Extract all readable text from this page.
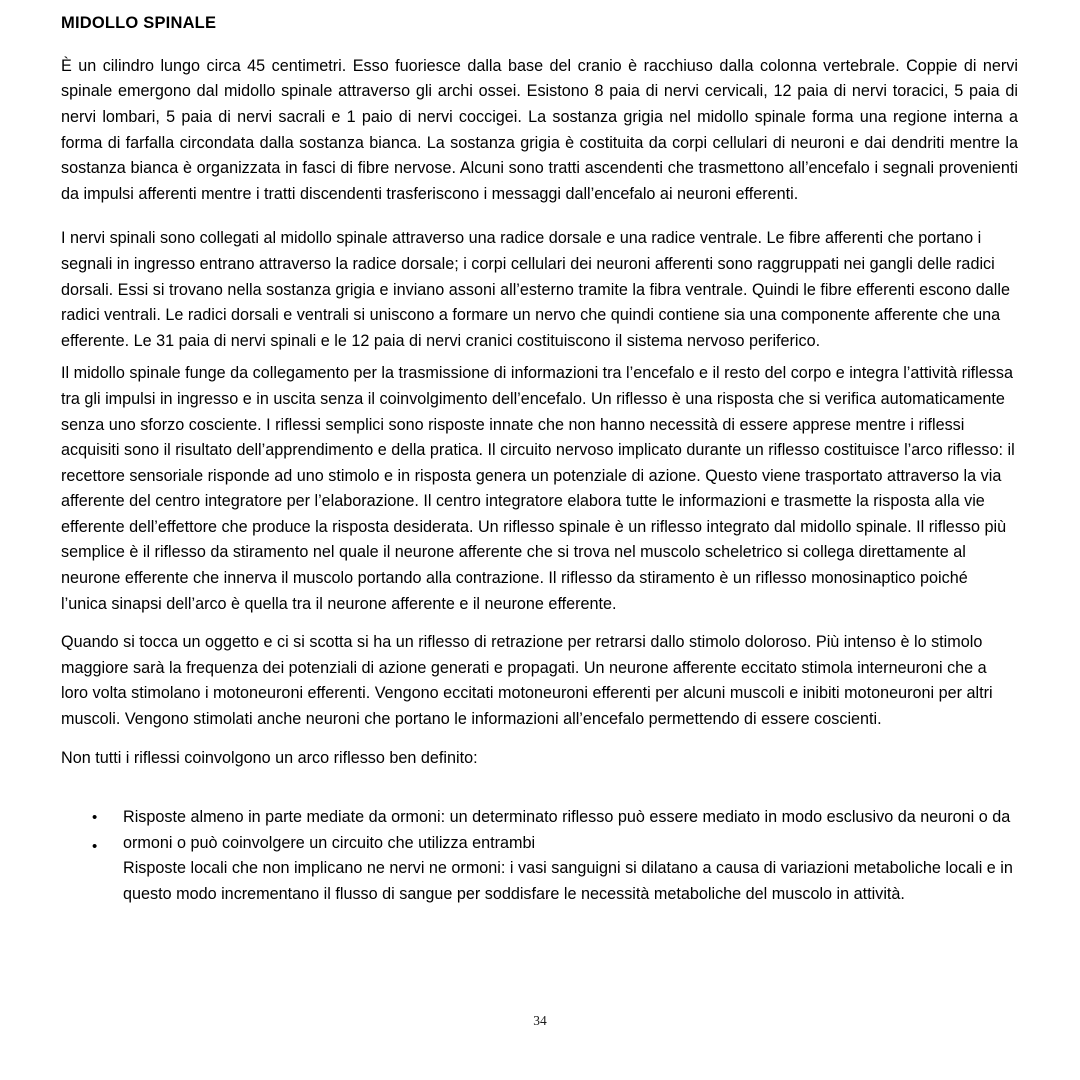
MIDOLLO SPINALE

È un cilindro lungo circa 45 centimetri. Esso fuoriesce dalla base del cranio è racchiuso dalla colonna vertebrale. Coppie di nervi spinale emergono dal midollo spinale attraverso gli archi ossei. Esistono 8 paia di nervi cervicali, 12 paia di nervi toracici, 5 paia di nervi lombari, 5 paia di nervi sacrali e 1 paio di nervi coccigei. La sostanza grigia nel midollo spinale forma una regione interna a forma di farfalla circondata dalla sostanza bianca. La sostanza grigia è costituita da corpi cellulari di neuroni e dai dendriti mentre la sostanza bianca è organizzata in fasci di fibre nervose. Alcuni sono tratti ascendenti che trasmettono all’encefalo i segnali provenienti da impulsi afferenti mentre i tratti discendenti trasferiscono i messaggi dall’encefalo ai neuroni efferenti.

I nervi spinali sono collegati al midollo spinale attraverso una radice dorsale e una radice ventrale. Le fibre afferenti che portano i segnali in ingresso entrano attraverso la radice dorsale; i corpi cellulari dei neuroni afferenti sono raggruppati nei gangli delle radici dorsali. Essi si trovano nella sostanza grigia e inviano assoni all’esterno tramite la fibra ventrale. Quindi le fibre efferenti escono dalle radici ventrali. Le radici dorsali e ventrali si uniscono a formare un nervo che quindi contiene sia una componente afferente che una efferente. Le 31 paia di nervi spinali e le 12 paia di nervi cranici costituiscono il sistema nervoso periferico.

Il midollo spinale funge da collegamento per la trasmissione di informazioni tra l’encefalo e il resto del corpo e integra l’attività riflessa tra gli impulsi in ingresso e in uscita senza il coinvolgimento dell’encefalo. Un riflesso è una risposta che si verifica automaticamente senza uno sforzo cosciente. I riflessi semplici sono risposte innate che non hanno necessità di essere apprese mentre i riflessi acquisiti sono il risultato dell’apprendimento e della pratica. Il circuito nervoso implicato durante un riflesso costituisce l’arco riflesso: il recettore sensoriale risponde ad uno stimolo e in risposta genera un potenziale di azione. Questo viene trasportato attraverso la via afferente del centro integratore per l’elaborazione. Il centro integratore elabora tutte le informazioni e trasmette la risposta alla vie efferente dell’effettore che produce la risposta desiderata. Un riflesso spinale è un riflesso integrato dal midollo spinale. Il riflesso più semplice è il riflesso da stiramento nel quale il neurone afferente che si trova nel muscolo scheletrico si collega direttamente al neurone efferente che innerva il muscolo portando alla contrazione. Il riflesso da stiramento è un riflesso monosinaptico poiché l’unica sinapsi dell’arco è quella tra il neurone afferente e il neurone efferente.

Quando si tocca un oggetto e ci si scotta si ha un riflesso di retrazione per retrarsi dallo stimolo doloroso. Più intenso è lo stimolo maggiore sarà la frequenza dei potenziali di azione generati e propagati. Un neurone afferente eccitato stimola interneuroni che a loro volta stimolano i motoneuroni efferenti. Vengono eccitati motoneuroni efferenti per alcuni muscoli e inibiti motoneuroni per altri muscoli. Vengono stimolati anche neuroni che portano le informazioni all’encefalo permettendo di essere coscienti.

Non tutti i riflessi coinvolgono un arco riflesso ben definito:

• Risposte almeno in parte mediate da ormoni: un determinato riflesso può essere mediato in modo esclusivo da neuroni o da ormoni o può coinvolgere un circuito che utilizza entrambi
•
Risposte locali che non implicano ne nervi ne ormoni: i vasi sanguigni si dilatano a causa di variazioni metaboliche locali e in questo modo incrementano il flusso di sangue per soddisfare le necessità metaboliche del muscolo in attività.
34
